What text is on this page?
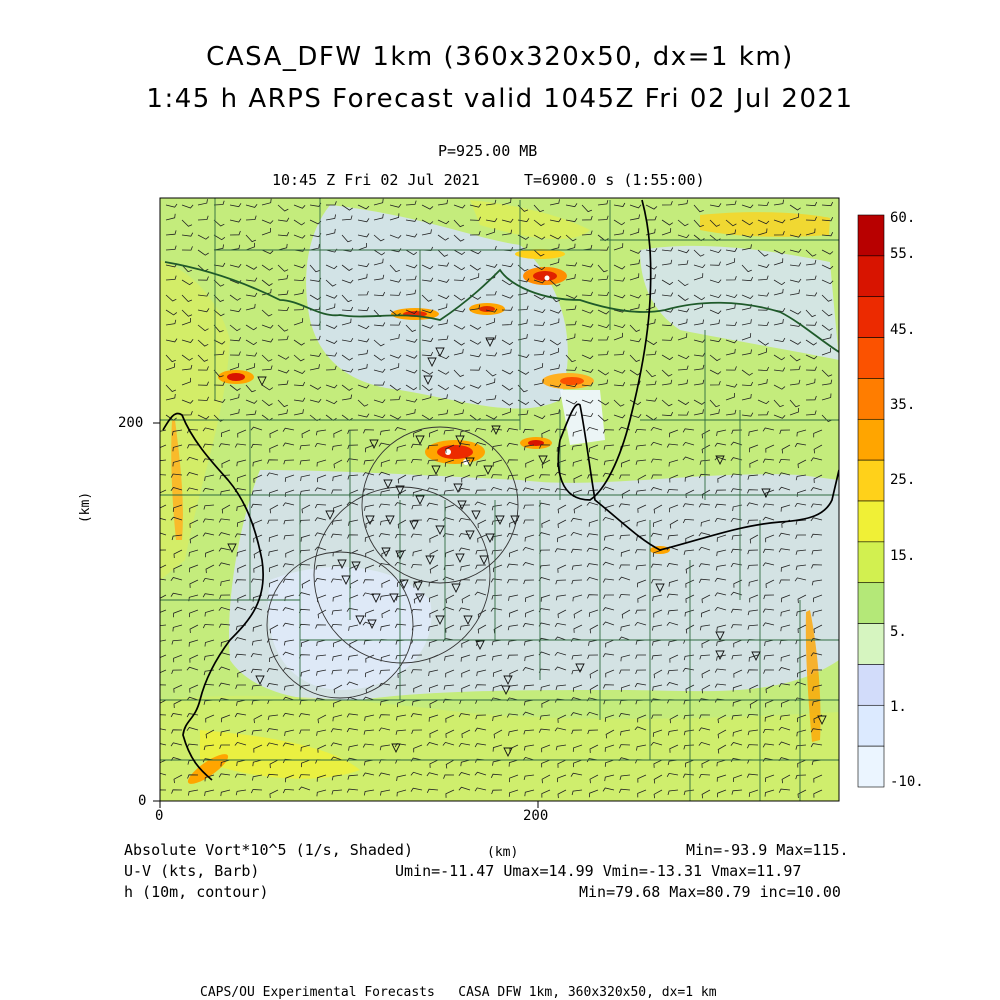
CASA_DFW 1km (360x320x50, dx=1 km)
1:45 h ARPS Forecast valid 1045Z Fri 02 Jul 2021
P=925.00 MB
10:45 Z Fri 02 Jul 2021	T=6900.0 s (1:55:00)
200
0
0	200
(km)
(km)
60.
55.
45.
35.
25.
15.
5.
1.
-10.
Absolute Vort*10^5 (1/s, Shaded)	Min=-93.9 Max=115.
U-V (kts, Barb)	Umin=-11.47 Umax=14.99 Vmin=-13.31 Vmax=11.97
h (10m, contour)	Min=79.68 Max=80.79 inc=10.00
CAPS/OU Experimental Forecasts   CASA DFW 1km, 360x320x50, dx=1 km
